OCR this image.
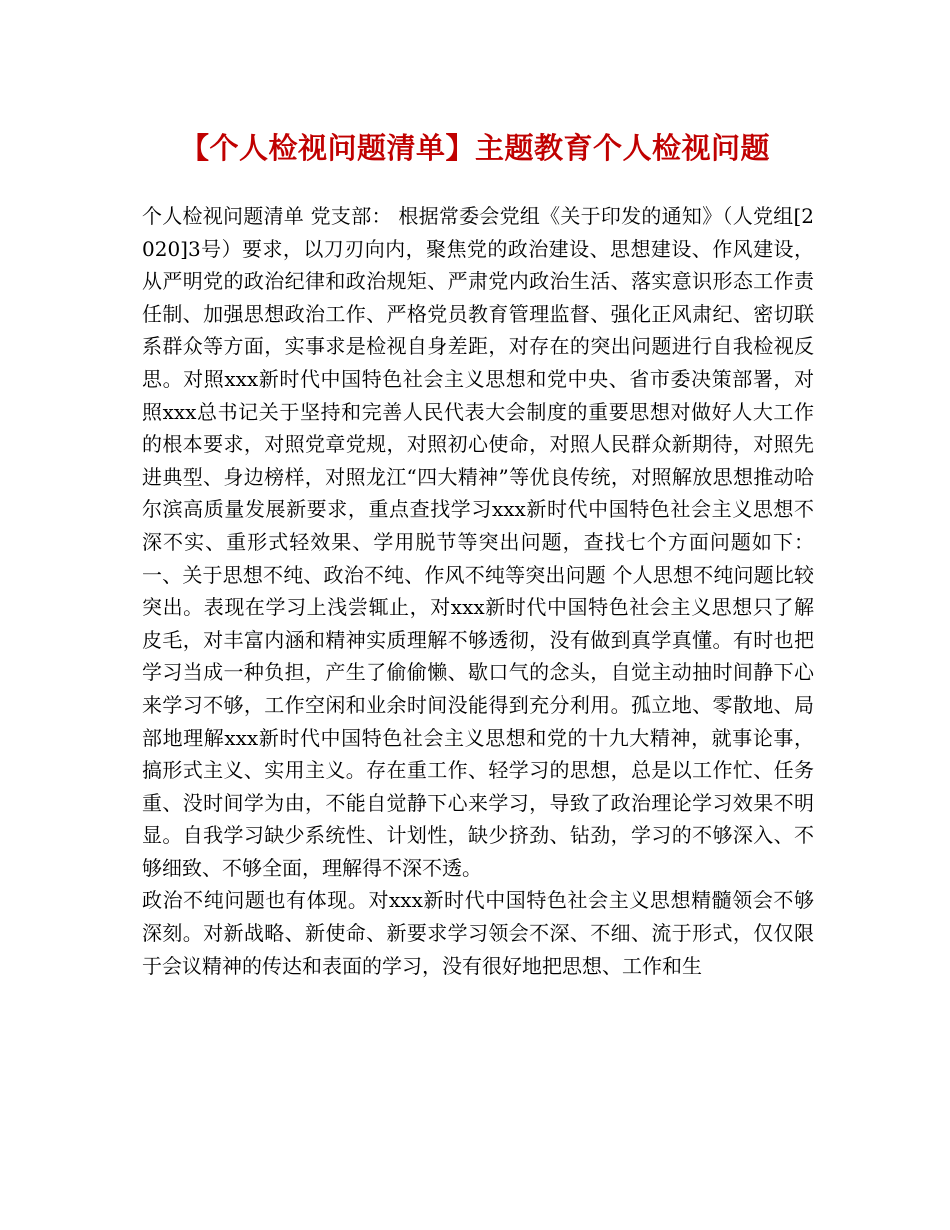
【个人检视问题清单】主题教育个人检视问题

个人检视问题清单 党支部： 根据常委会党组《关于印发的通知》（人党组[2020]3号）要求，以刀刃向内，聚焦党的政治建设、思想建设、作风建设，从严明党的政治纪律和政治规矩、严肃党内政治生活、落实意识形态工作责任制、加强思想政治工作、严格党员教育管理监督、强化正风肃纪、密切联系群众等方面，实事求是检视自身差距，对存在的突出问题进行自我检视反思。对照xxx新时代中国特色社会主义思想和党中央、省市委决策部署，对照xxx总书记关于坚持和完善人民代表大会制度的重要思想对做好人大工作的根本要求，对照党章党规，对照初心使命，对照人民群众新期待，对照先进典型、身边榜样，对照龙江“四大精神”等优良传统，对照解放思想推动哈尔滨高质量发展新要求，重点查找学习xxx新时代中国特色社会主义思想不深不实、重形式轻效果、学用脱节等突出问题，查找七个方面问题如下： 一、关于思想不纯、政治不纯、作风不纯等突出问题 个人思想不纯问题比较突出。表现在学习上浅尝辄止，对xxx新时代中国特色社会主义思想只了解皮毛，对丰富内涵和精神实质理解不够透彻，没有做到真学真懂。有时也把学习当成一种负担，产生了偷偷懒、歇口气的念头，自觉主动抽时间静下心来学习不够，工作空闲和业余时间没能得到充分利用。孤立地、零散地、局部地理解xxx新时代中国特色社会主义思想和党的十九大精神，就事论事，搞形式主义、实用主义。存在重工作、轻学习的思想，总是以工作忙、任务重、没时间学为由，不能自觉静下心来学习，导致了政治理论学习效果不明显。自我学习缺少系统性、计划性，缺少挤劲、钻劲，学习的不够深入、不够细致、不够全面，理解得不深不透。

政治不纯问题也有体现。对xxx新时代中国特色社会主义思想精髓领会不够深刻。对新战略、新使命、新要求学习领会不深、不细、流于形式，仅仅限于会议精神的传达和表面的学习，没有很好地把思想、工作和生
